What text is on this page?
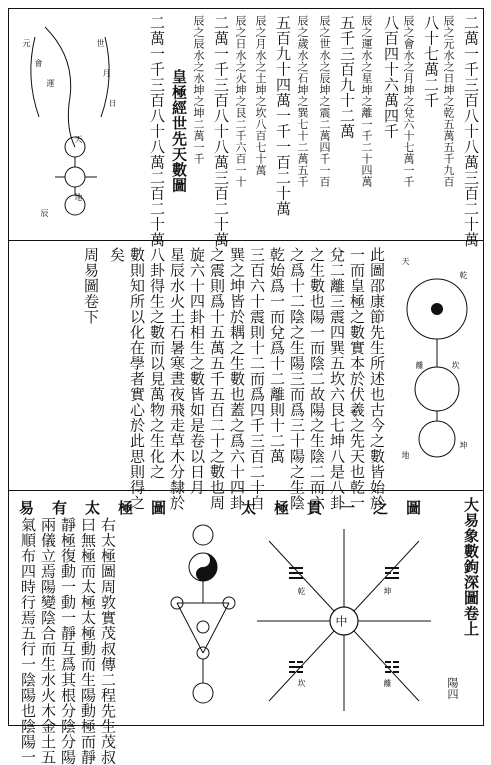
二萬一千三百八十八萬三百二十萬
辰之元水之日坤之乾五萬五千九百
八十七萬二千
辰之會水之月坤之兌六十七萬一千
八百四十六萬四千
辰之運水之星坤之離一千二十四萬
五千三百九十二萬
辰之世水之辰坤之震二萬四千一百
辰之歲水之石坤之巽七十二萬五千
五百九十四萬一千一百二十萬
辰之月水之土坤之坎八百七十萬
辰之日水之火坤之艮二千六百一十
二萬一千三百八十八萬三百二十萬
辰之辰水之水坤之坤二萬一千
皇極經世先天數圖
二萬一千三百八十八萬二百二十萬
元
會
運
世
月
日
辰
天
地
天
地
乾
坤
離	坎
此圖邵康節先生所述也古今之數皆始於
一而皇極之數實本於伏羲之先天也乾一
兌二離三震四巽五坎六艮七坤八是八卦
之生數也陽一而陰二故陽之生陰二而六
之爲十二陰之生陽三而爲三十陽之生陰
乾始爲一而兌爲十二離則十二萬
三百六十震則十二而爲四千三百二十自
巽之坤皆於耦之生數也蓋之爲六十四卦
之震則爲十五萬五千五百二十之數也周
旋六十四卦相生之數皆如是卷以日月
星辰水火土石暑寒晝夜飛走草木分隸於
八卦得生之數而以見萬物之生化之
數則知所以化在學者實心於此思則得之
矣
周易圖卷下
大易象數鉤深圖卷上
陽四
太極貫一之圖
中
乾	坤
坎	離
易有太極圖
氣順布四時行焉五行一陰陽也陰陽一 兩儀立焉陽變陰合而生水火木金土五 靜極復動一動一靜互爲其根分陰分陽 曰無極而太極太極動而生陽動極而靜 右太極圖周敦實茂叔傳二程先生茂叔
